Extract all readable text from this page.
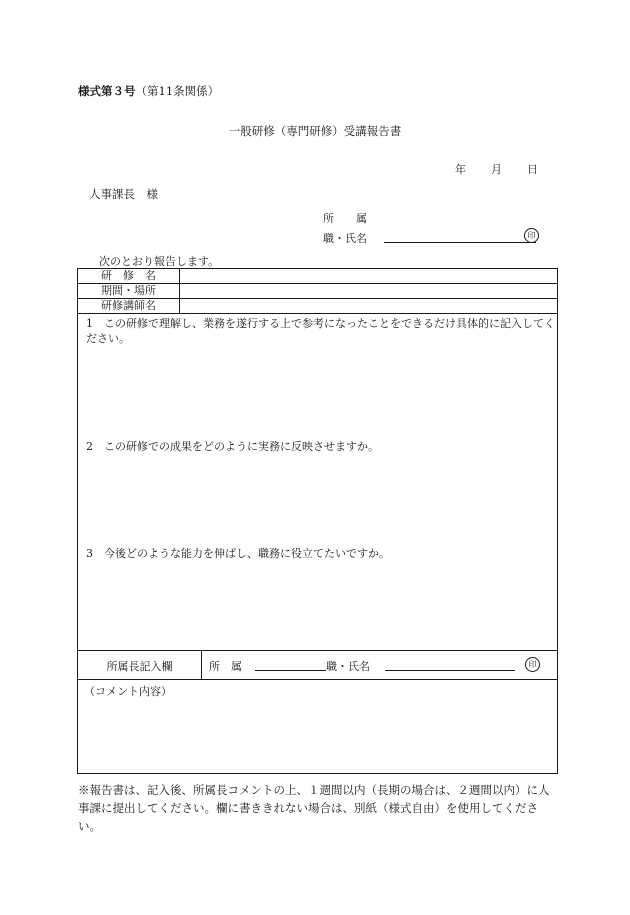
様式第３号（第11条関係）
一般研修（専門研修）受講報告書
年 月 日
人事課長　様
所　　属
職・氏名	印
次のとおり報告します。
研　修　名	
期間・場所	
研修講師名	

1　この研修で理解し、業務を遂行する上で参考になったことをできるだけ具体的に記入してください。
2　この研修での成果をどのように実務に反映させますか。
3　今後どのような能力を伸ばし、職務に役立てたいですか。	

所属長記入欄 所　属 職・氏名 印	

（コメント内容）	
※報告書は、記入後、所属長コメントの上、１週間以内（長期の場合は、２週間以内）に人事課に提出してください。欄に書ききれない場合は、別紙（様式自由）を使用してください。
